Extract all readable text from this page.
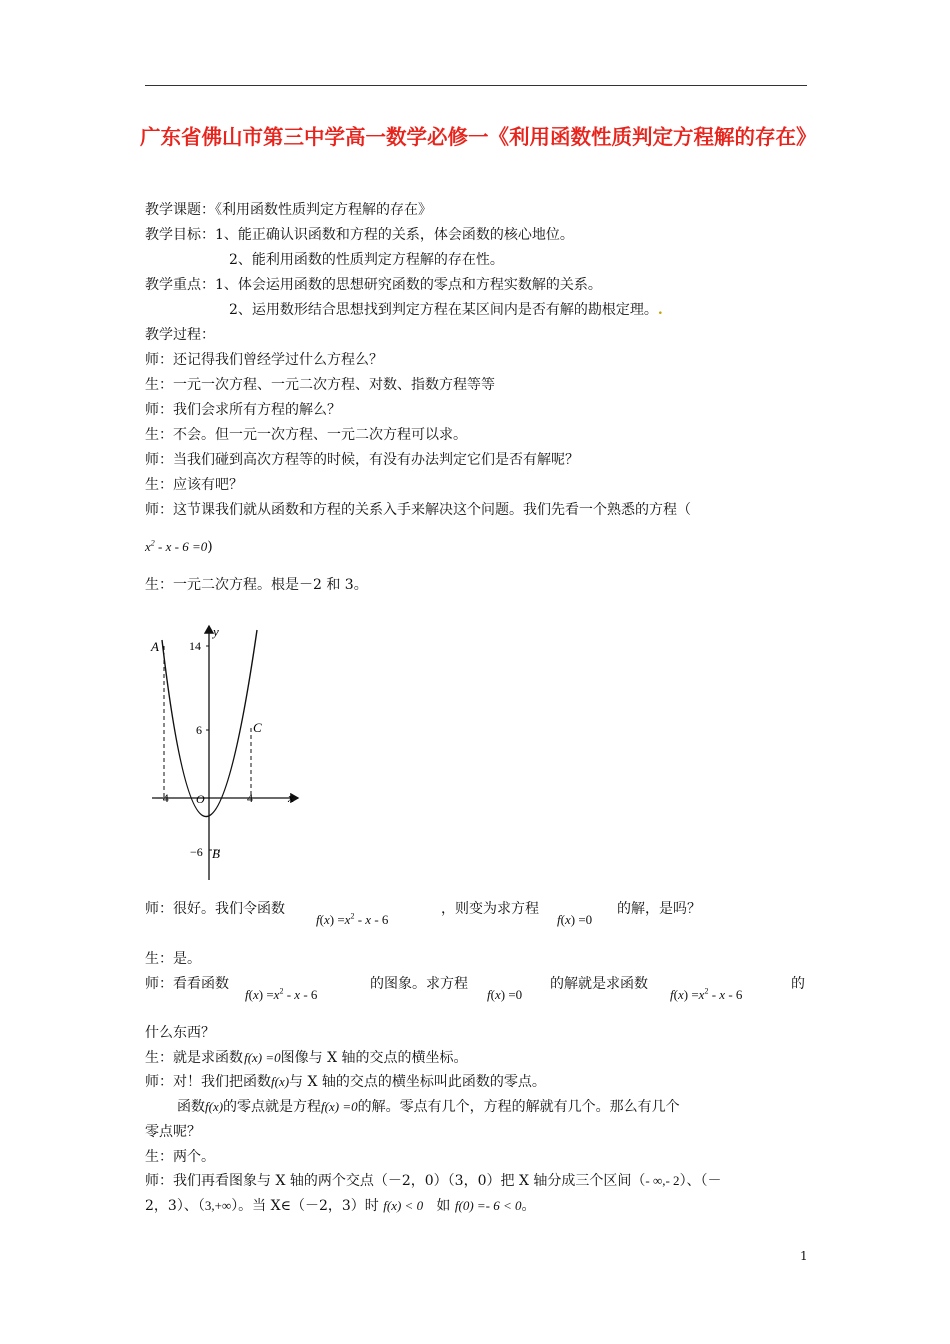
广东省佛山市第三中学高一数学必修一《利用函数性质判定方程解的存在》
教学课题：《利用函数性质判定方程解的存在》
教学目标：1、能正确认识函数和方程的关系，体会函数的核心地位。
2、能利用函数的性质判定方程解的存在性。
教学重点：1、体会运用函数的思想研究函数的零点和方程实数解的关系。
2、运用数形结合思想找到判定方程在某区间内是否有解的勘根定理。.
教学过程：
师：还记得我们曾经学过什么方程么？
生：一元一次方程、一元二次方程、对数、指数方程等等
师：我们会求所有方程的解么？
生：不会。但一元一次方程、一元二次方程可以求。
师：当我们碰到高次方程等的时候，有没有办法判定它们是否有解呢？
生：应该有吧？
师：这节课我们就从函数和方程的关系入手来解决这个问题。我们先看一个熟悉的方程（
$x^2 - x - 6 =0$)
生：一元二次方程。根是－2 和 3。
y
x
14
6
−6
−4	4
O
A
B
C
师：很好。我们令函数
$f(x) =x^2 - x - 6$
，则变为求方程
f(x) =0
的解，是吗？
生：是。
师：看看函数
$f(x) =x^2 - x - 6$
的图象。求方程
f(x) =0
的解就是求函数
$f(x) =x^2 - x - 6$
的
什么东西？
生：就是求函数 f(x) =0图像与 X 轴的交点的横坐标。
师：对！我们把函数f(x)与 X 轴的交点的横坐标叫此函数的零点。
函数f(x)的零点就是方程f(x) =0的解。零点有几个，方程的解就有几个。那么有几个
零点呢？
生：两个。
师：我们再看图象与 X 轴的两个交点（－2，0）（3，0）把 X 轴分成三个区间（- ∞,- 2）、（－
2，3）、（3,+∞）。当 X∈（－2，3）时 f(x) < 0 如 f(0) =- 6 < 0。
1
